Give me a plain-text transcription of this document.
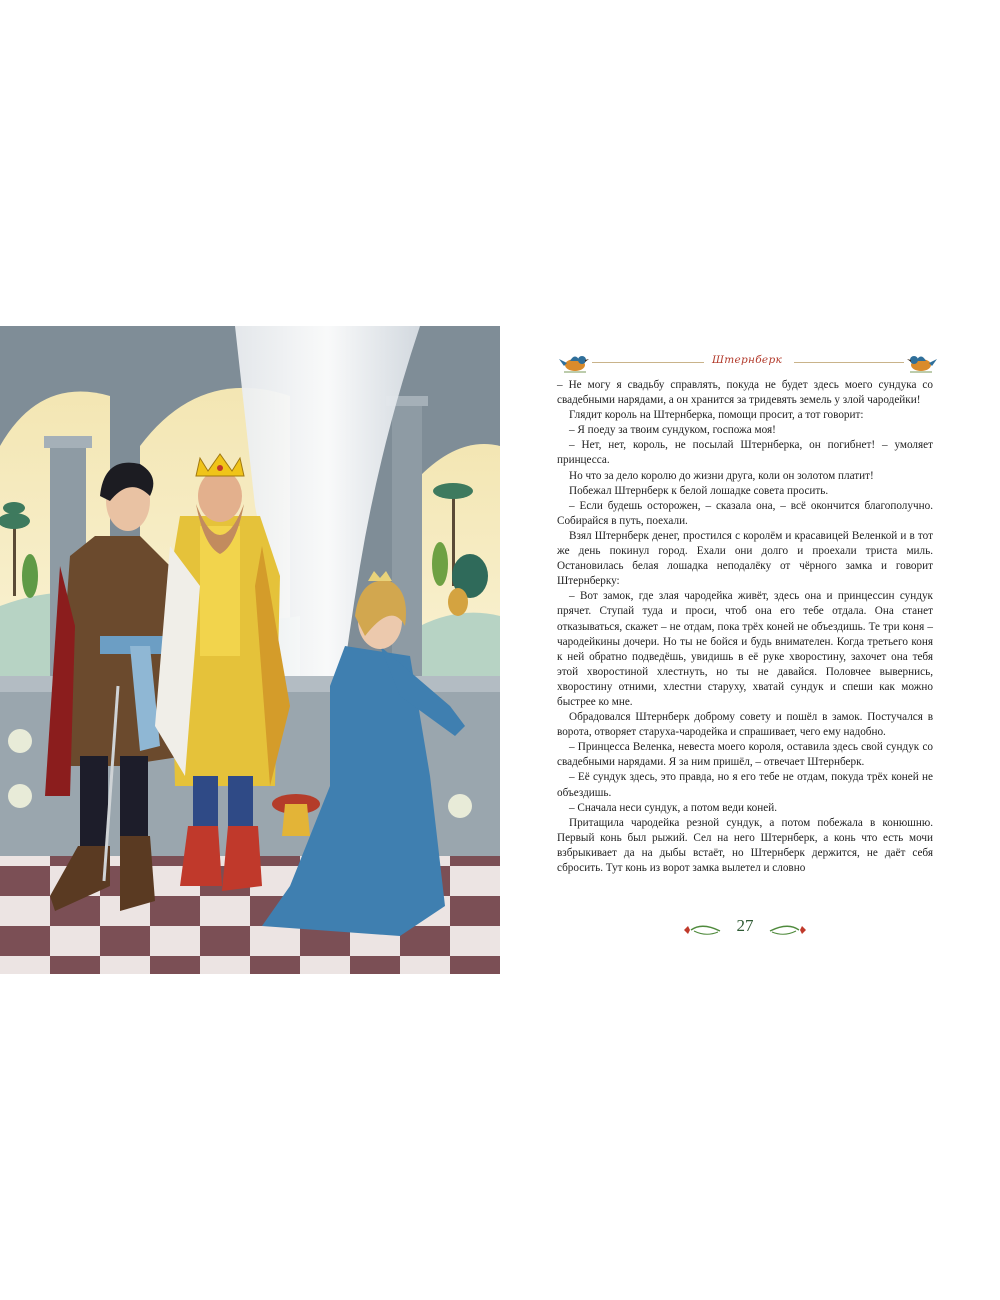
Штернберк

– Не могу я свадьбу справлять, покуда не будет здесь моего сундука со свадебными нарядами, а он хранится за тридевять земель у злой чародейки!

Глядит король на Штернберка, помощи просит, а тот говорит:

– Я поеду за твоим сундуком, госпожа моя!

– Нет, нет, король, не посылай Штернберка, он погибнет! – умоляет принцесса.

Но что за дело королю до жизни друга, коли он золотом платит!

Побежал Штернберк к белой лошадке совета просить.

– Если будешь осторожен, – сказала она, – всё окончится благополучно. Собирайся в путь, поехали.

Взял Штернберк денег, простился с королём и красавицей Веленкой и в тот же день покинул город. Ехали они долго и проехали триста миль. Остановилась белая лошадка неподалёку от чёрного замка и говорит Штернберку:

– Вот замок, где злая чародейка живёт, здесь она и принцессин сундук прячет. Ступай туда и проси, чтоб она его тебе отдала. Она станет отказываться, скажет – не отдам, пока трёх коней не объездишь. Те три коня – чародейкины дочери. Но ты не бойся и будь внимателен. Когда третьего коня к ней обратно подведёшь, увидишь в её руке хворостину, захочет она тебя этой хворостиной хлестнуть, но ты не давайся. Половчее вывернись, хворостину отними, хлестни старуху, хватай сундук и спеши как можно быстрее ко мне.

Обрадовался Штернберк доброму совету и пошёл в замок. Постучался в ворота, отворяет старуха-чародейка и спрашивает, чего ему надобно.

– Принцесса Веленка, невеста моего короля, оставила здесь свой сундук со свадебными нарядами. Я за ним пришёл, – отвечает Штернберк.

– Её сундук здесь, это правда, но я его тебе не отдам, покуда трёх коней не объездишь.

– Сначала неси сундук, а потом веди коней.

Притащила чародейка резной сундук, а потом побежала в конюшню. Первый конь был рыжий. Сел на него Штернберк, а конь что есть мочи взбрыкивает да на дыбы встаёт, но Штернберк держится, не даёт себя сбросить. Тут конь из ворот замка вылетел и словно

27
